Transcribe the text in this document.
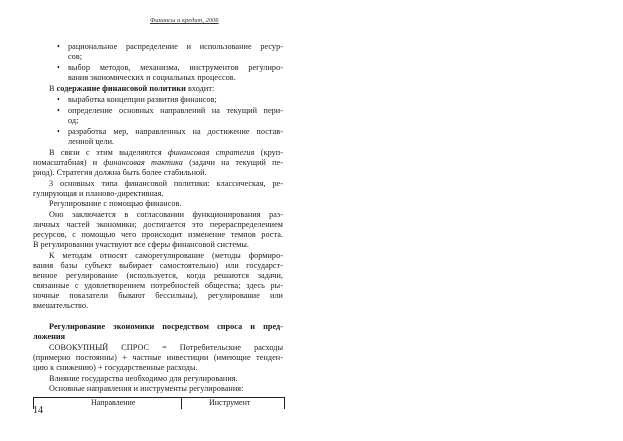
Финансы и кредит, 2006
• рациональное распределение и использование ресур-
сов;
• выбор методов, механизма, инструментов регулиро-
вания экономических и социальных процессов.
В содержание финансовой политики входит:
• выработка концепции развития финансов;
• определение основных направлений на текущий пери-
од;
• разработка мер, направленных на достижение постав-
ленной цели.
В связи с этим выделяются финансовая стратегия (круп-
номасштабная) и финансовая тактика (задачи на текущий пе-
риод). Стратегия должна быть более стабильной.
3 основных типа финансовой политики: классическая, ре-
гулирующая и планово-директивная.
Регулирование с помощью финансов.
Оно заключается в согласовании функционирования раз-
личных частей экономики; достигается это перераспределением
ресурсов, с помощью чего происходит изменение темпов роста.
В регулировании участвуют все сферы финансовой системы.
К методам относят саморегулирование (методы формиро-
вания базы субъект выбирает самостоятельно) или государст-
венное регулирование (используется, когда решаются задачи,
связанные с удовлетворением потребностей общества; здесь ры-
ночные показатели бывают бессильны), регулирование или
вмешательство.
Регулирование экономики посредством спроса и пред-
ложения
СОВОКУПНЫЙ СПРОС = Потребительские расходы
(примерно постоянны) + частные инвестиции (имеющие тенден-
цию к снижению) + государственные расходы.
Влияние государства необходимо для регулирования.
Основные направления и инструменты регулирования:
Направление	Инструмент
14
